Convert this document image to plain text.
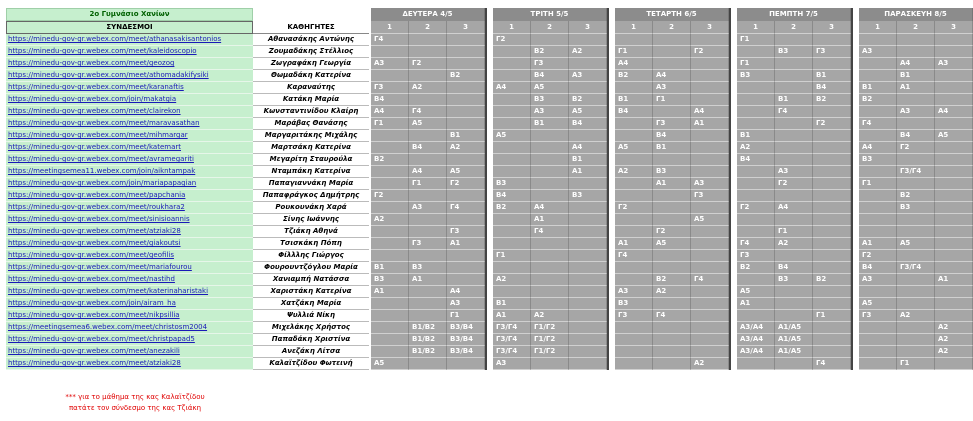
2ο Γυμνάσιο Χανίων			ΔΕΥΤΕΡΑ 4/5				ΤΡΙΤΗ 5/5				ΤΕΤΑΡΤΗ 6/5				ΠΕΜΠΤΗ 7/5				ΠΑΡΑΣΚΕΥΗ 8/5		
ΣΥΝΔΕΣΜΟΙ	ΚΑΘΗΓΗΤΕΣ		1	2	3		1	2	3		1	2	3		1	2	3		1	2	3
https://minedu-gov-gr.webex.com/meet/athanasakisantonios	Αθανασάκης Αντώνης		Γ4				Γ2								Γ1						
https://minedu-gov-gr.webex.com/meet/kaleidoscopio	Ζουμαδάκης Στέλλιος							Β2	Α2		Γ1		Γ2			Β3	Γ3		Α3		
https://minedu-gov-gr.webex.com/meet/geozog	Ζωγραφάκη Γεωργία		Α3	Γ2				Γ3			Α4				Γ1					Α4	Α3
https://minedu-gov-gr.webex.com/meet/athomadakifysiki	Θωμαδάκη Κατερίνα				Β2			Β4	Α3		Β2	Α4			Β3		Β1			Β1	
https://minedu-gov-gr.webex.com/meet/karanaftis	Καραναύτης		Γ3	Α2			Α4	Α5				Α3					Β4		Β1	Α1	
https://minedu-gov-gr.webex.com/join/makatgia	Κατάκη Μαρία		Β4					Β3	Β2		Β1	Γ1				Β1	Β2		Β2		
https://minedu-gov-gr.webex.com/meet/clairekon	Κωνσταντινίδου Κλαίρη		Α4	Γ4				Α3	Α5		Β4		Α4			Γ4				Α3	Α4
https://minedu-gov-gr.webex.com/meet/maravasathan	Μαράβας Θανάσης		Γ1	Α5				Β1	Β4			Γ3	Α1				Γ2		Γ4		
https://minedu-gov-gr.webex.com/meet/mihmargar	Μαργαριτάκης Μιχάλης				Β1		Α5					Β4			Β1					Β4	Α5
https://minedu-gov-gr.webex.com/meet/katemart	Μαρτσάκη Κατερίνα			Β4	Α2				Α4		Α5	Β1			Α2				Α4	Γ2	
https://minedu-gov-gr.webex.com/meet/avramegariti	Μεγαρίτη Σταυρούλα		Β2						Β1						Β4				Β3		
https://meetingsemea11.webex.com/join/aikntampak	Νταμπάκη Κατερίνα			Α4	Α5				Α1		Α2	Β3				Α3				Γ3/Γ4	
https://minedu-gov-gr.webex.com/join/mariapapagian	Παπαγιαννάκη Μαρία			Γ1	Γ2		Β3					Α1	Α3			Γ2			Γ1		
https://minedu-gov-gr.webex.com/meet/papchania	Παπαφράγκος Δημήτρης		Γ2				Β4		Β3				Γ3							Β2	
https://minedu-gov-gr.webex.com/meet/roukhara2	Ρουκουνάκη Χαρά			Α3	Γ4		Β2	Α4			Γ2				Γ2	Α4				Β3	
https://minedu-gov-gr.webex.com/meet/sinisioannis	Σίνης Ιωάννης		Α2					Α1					Α5								
https://minedu-gov-gr.webex.com/meet/atziaki28	Τζιάκη Αθηνά				Γ3			Γ4				Γ2				Γ1					
https://minedu-gov-gr.webex.com/meet/giakoutsi	Τσισκάκη Πόπη			Γ3	Α1						Α1	Α5			Γ4	Α2			Α1	Α5	
https://minedu-gov-gr.webex.com/meet/geofilis	Φίλλλης Γιώργος						Γ1				Γ4				Γ3				Γ2		
https://minedu-gov-gr.webex.com/meet/mariafourou	Φουρουντζόγλου Μαρία		Β1	Β3											Β2	Β4			Β4	Γ3/Γ4	
https://minedu-gov-gr.webex.com/meet/nastihd	Χανιαμπή Νατάσσα		Β3	Α1			Α2					Β2	Γ4			Β3	Β2		Α3		Α1
https://minedu-gov-gr.webex.com/meet/katerinaharistaki	Χαριστάκη Κατερίνα		Α1		Α4						Α3	Α2			Α5						
https://minedu-gov-gr.webex.com/join/airam_ha	Χατζάκη Μαρία				Α3		Β1				Β3				Α1				Α5		
https://minedu-gov-gr.webex.com/meet/nikpsillia	Ψυλλιά Νίκη				Γ1		Α1	Α2			Γ3	Γ4					Γ1		Γ3	Α2	
https://meetingsemea6.webex.com/meet/christosm2004	Μιχελάκης Χρήστος			Β1/Β2	Β3/Β4		Γ3/Γ4	Γ1/Γ2							Α3/Α4	Α1/Α5					Α2
https://minedu-gov-gr.webex.com/meet/christpapad5	Παπαδάκη Χριστίνα			Β1/Β2	Β3/Β4		Γ3/Γ4	Γ1/Γ2							Α3/Α4	Α1/Α5					Α2
https://minedu-gov-gr.webex.com/meet/anezakili	Ανεζάκη Λίτσα			Β1/Β2	Β3/Β4		Γ3/Γ4	Γ1/Γ2							Α3/Α4	Α1/Α5					Α2
https://minedu-gov-gr.webex.com/meet/atziaki28	Καλαϊτζίδου Φωτεινή		Α5				Α3						Α2				Γ4			Γ1	
*** για το μάθημα της κας Καλαϊτζίδου
πατάτε τον σύνδεσμο της κας Τζιάκη
